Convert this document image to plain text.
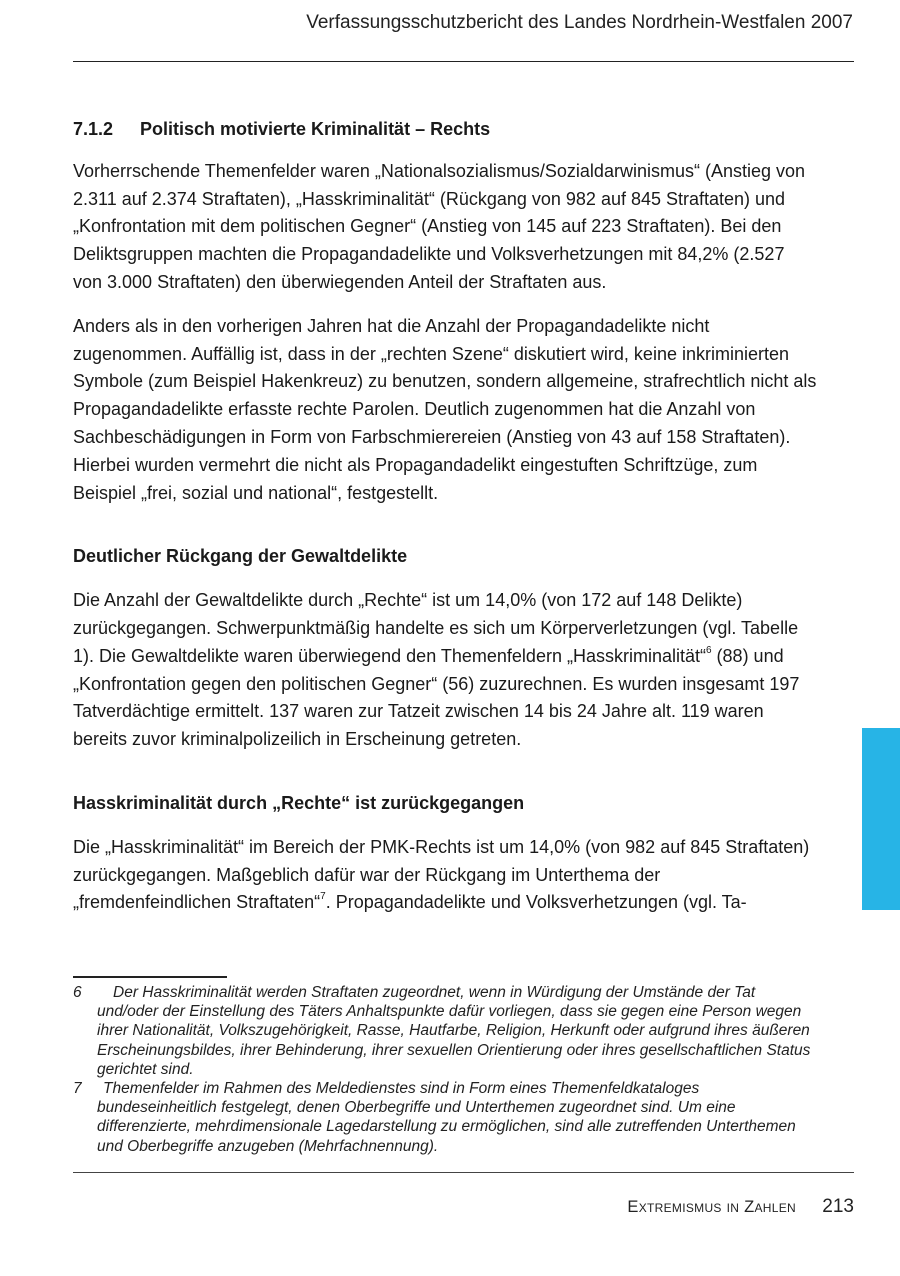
Verfassungsschutzbericht des Landes Nordrhein-Westfalen 2007
7.1.2 Politisch motivierte Kriminalität – Rechts

Vorherrschende Themenfelder waren „Nationalsozialismus/Sozialdarwinismus“ (Anstieg von 2.311 auf 2.374 Straftaten), „Hasskriminalität“ (Rückgang von 982 auf 845 Straftaten) und „Konfrontation mit dem politischen Gegner“ (Anstieg von 145 auf 223 Straftaten). Bei den Deliktsgruppen machten die Propagandadelikte und Volksverhetzungen mit 84,2% (2.527 von 3.000 Straftaten) den überwiegenden Anteil der Straftaten aus.

Anders als in den vorherigen Jahren hat die Anzahl der Propagandadelikte nicht zugenommen. Auffällig ist, dass in der „rechten Szene“ diskutiert wird, keine inkriminierten Symbole (zum Beispiel Hakenkreuz) zu benutzen, sondern allgemeine, strafrechtlich nicht als Propagandadelikte erfasste rechte Parolen. Deutlich zugenommen hat die Anzahl von Sachbeschädigungen in Form von Farbschmierereien (Anstieg von 43 auf 158 Straftaten). Hierbei wurden vermehrt die nicht als Propagandadelikt eingestuften Schriftzüge, zum Beispiel „frei, sozial und national“, festgestellt.

Deutlicher Rückgang der Gewaltdelikte

Die Anzahl der Gewaltdelikte durch „Rechte“ ist um 14,0% (von 172 auf 148 Delikte) zurückgegangen. Schwerpunktmäßig handelte es sich um Körperverletzungen (vgl. Tabelle 1). Die Gewaltdelikte waren überwiegend den Themenfeldern „Hasskriminalität“$^6$ (88) und „Konfrontation gegen den politischen Gegner“ (56) zuzurechnen. Es wurden insgesamt 197 Tatverdächtige ermittelt. 137 waren zur Tatzeit zwischen 14 bis 24 Jahre alt. 119 waren bereits zuvor kriminalpolizeilich in Erscheinung getreten.

Hasskriminalität durch „Rechte“ ist zurückgegangen

Die „Hasskriminalität“ im Bereich der PMK-Rechts ist um 14,0% (von 982 auf 845 Straftaten) zurückgegangen. Maßgeblich dafür war der Rückgang im Unterthema der „fremdenfeindlichen Straftaten“$^7$. Propagandadelikte und Volksverhetzungen (vgl. Ta-

6 Der Hasskriminalität werden Straftaten zugeordnet, wenn in Würdigung der Umstände der Tat und/oder der Einstellung des Täters Anhaltspunkte dafür vorliegen, dass sie gegen eine Person wegen ihrer Nationalität, Volkszugehörigkeit, Rasse, Hautfarbe, Religion, Herkunft oder aufgrund ihres äußeren Erscheinungsbildes, ihrer Behinderung, ihrer sexuellen Orientierung oder ihres gesellschaftlichen Status gerichtet sind.
7 Themenfelder im Rahmen des Meldedienstes sind in Form eines Themenfeldkataloges bundeseinheitlich festgelegt, denen Oberbegriffe und Unterthemen zugeordnet sind. Um eine differenzierte, mehrdimensionale Lagedarstellung zu ermöglichen, sind alle zutreffenden Unterthemen und Oberbegriffe anzugeben (Mehrfachnennung).
Extremismus in Zahlen 213
